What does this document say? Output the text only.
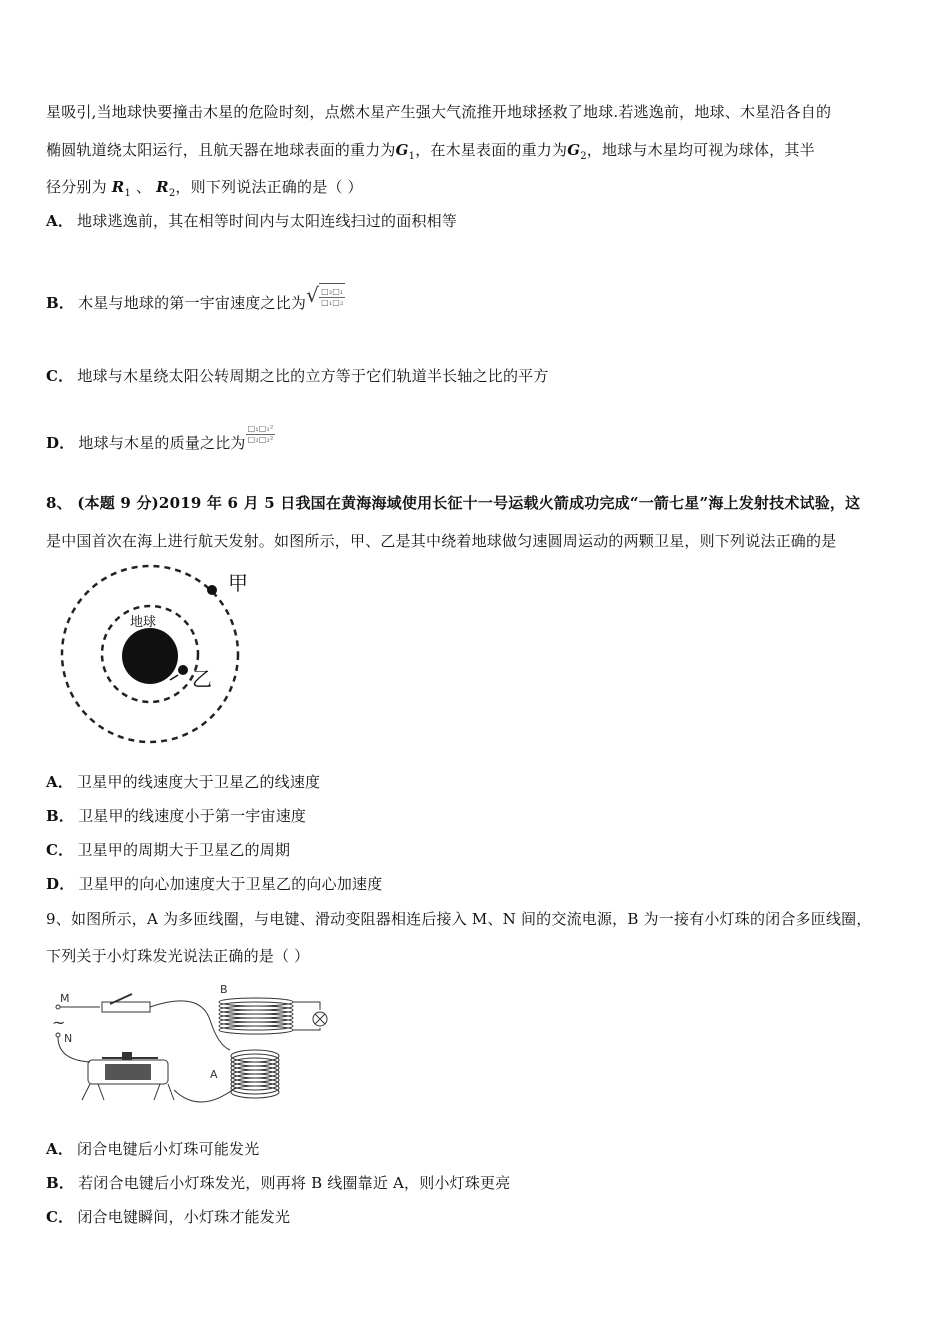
星吸引,当地球快要撞击木星的危险时刻，点燃木星产生强大气流推开地球拯救了地球.若逃逸前，地球、木星沿各自的
椭圆轨道绕太阳运行，且航天器在地球表面的重力为$G_1$，在木星表面的重力为$G_2$，地球与木星均可视为球体，其半
径分别为 $R_1$ 、 $R_2$，则下列说法正确的是（ ）
A． 地球逃逸前，其在相等时间内与太阳连线扫过的面积相等
B． 木星与地球的第一宇宙速度之比为 √ $\frac{\text{□₂□₁}}{\text{□₁□₂}}$
C． 地球与木星绕太阳公转周期之比的立方等于它们轨道半长轴之比的平方
D． 地球与木星的质量之比为 $\frac{\text{□₁□₁²}}{\text{□₂□₂²}}$
8、 (本题 9 分)2019 年 6 月 5 日我国在黄海海域使用长征十一号运载火箭成功完成“一箭七星”海上发射技术试验，这
是中国首次在海上进行航天发射。如图所示，甲、乙是其中绕着地球做匀速圆周运动的两颗卫星，则下列说法正确的是
地球
甲
乙
A． 卫星甲的线速度大于卫星乙的线速度
B． 卫星甲的线速度小于第一宇宙速度
C． 卫星甲的周期大于卫星乙的周期
D． 卫星甲的向心加速度大于卫星乙的向心加速度
9、如图所示，A 为多匝线圈，与电键、滑动变阻器相连后接入 M、N 间的交流电源，B 为一接有小灯珠的闭合多匝线圈，
下列关于小灯珠发光说法正确的是（ ）
M
~
N
A
B
A． 闭合电键后小灯珠可能发光
B． 若闭合电键后小灯珠发光，则再将 B 线圈靠近 A，则小灯珠更亮
C． 闭合电键瞬间，小灯珠才能发光
